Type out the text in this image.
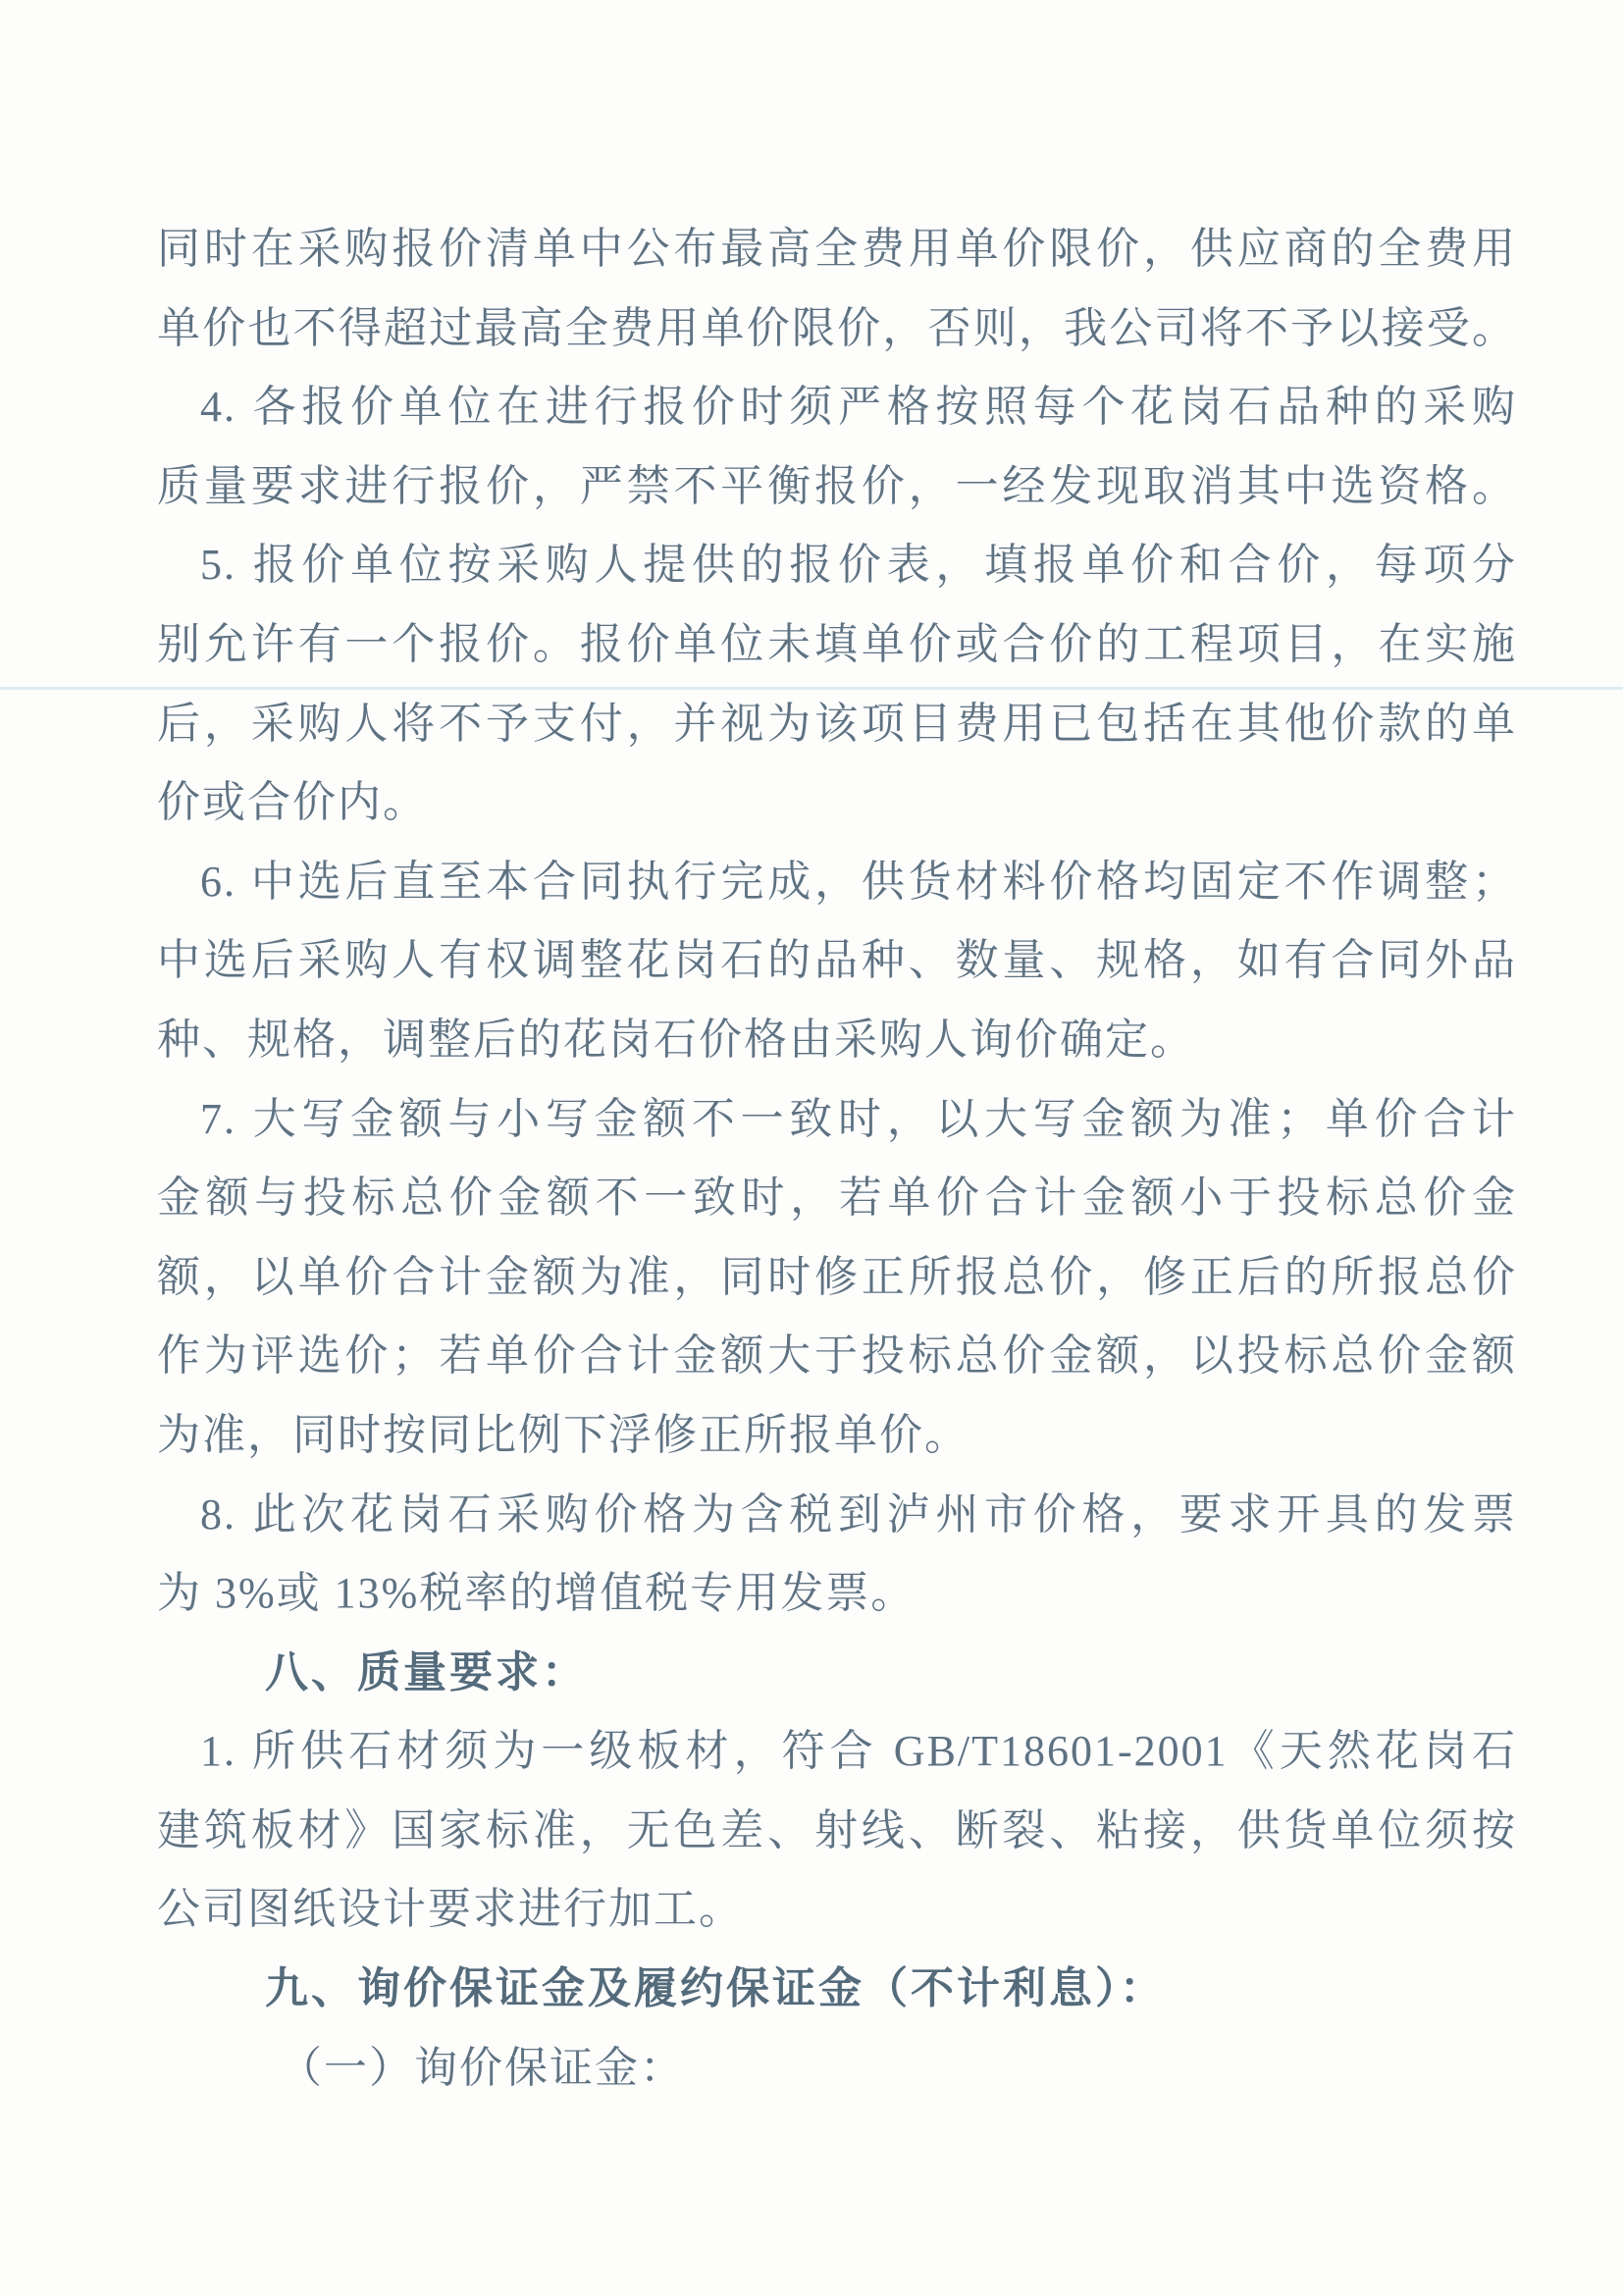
同时在采购报价清单中公布最高全费用单价限价，供应商的全费用
单价也不得超过最高全费用单价限价，否则，我公司将不予以接受。
4. 各报价单位在进行报价时须严格按照每个花岗石品种的采购
质量要求进行报价，严禁不平衡报价，一经发现取消其中选资格。
5. 报价单位按采购人提供的报价表，填报单价和合价，每项分
别允许有一个报价。报价单位未填单价或合价的工程项目，在实施
后，采购人将不予支付，并视为该项目费用已包括在其他价款的单
价或合价内。
6. 中选后直至本合同执行完成，供货材料价格均固定不作调整；
中选后采购人有权调整花岗石的品种、数量、规格，如有合同外品
种、规格，调整后的花岗石价格由采购人询价确定。
7. 大写金额与小写金额不一致时，以大写金额为准；单价合计
金额与投标总价金额不一致时，若单价合计金额小于投标总价金
额，以单价合计金额为准，同时修正所报总价，修正后的所报总价
作为评选价；若单价合计金额大于投标总价金额，以投标总价金额
为准，同时按同比例下浮修正所报单价。
8. 此次花岗石采购价格为含税到泸州市价格，要求开具的发票
为 3%或 13%税率的增值税专用发票。
八、质量要求：
1. 所供石材须为一级板材，符合 GB/T18601-2001《天然花岗石
建筑板材》国家标准，无色差、射线、断裂、粘接，供货单位须按
公司图纸设计要求进行加工。
九、询价保证金及履约保证金（不计利息）：
（一）询价保证金：
